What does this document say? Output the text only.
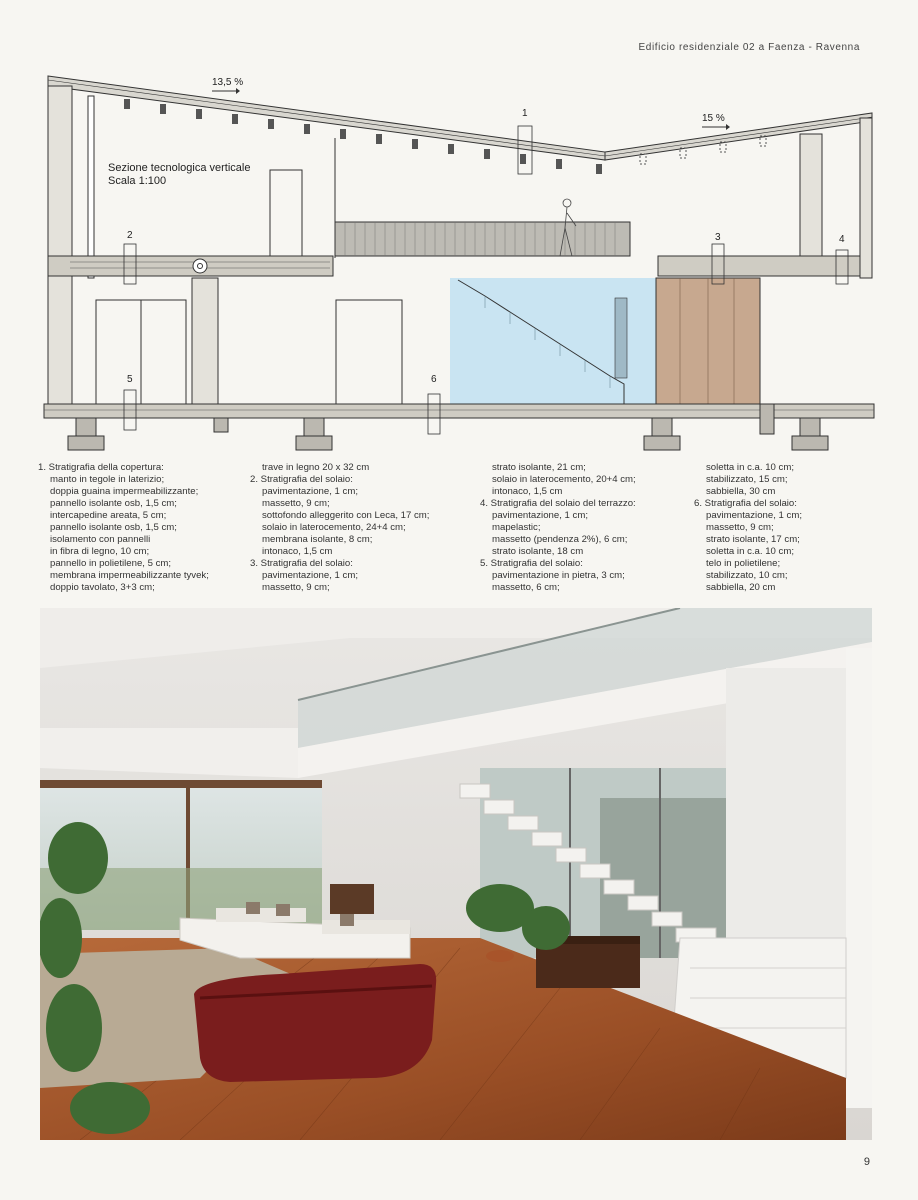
Edificio residenziale 02 a Faenza - Ravenna
Sezione tecnologica verticale
Scala 1:100
13,5 %
15 %
1
2	3	4
5	6
1. Stratigrafia della copertura:
manto in tegole in laterizio;
doppia guaina impermeabilizzante;
pannello isolante osb, 1,5 cm;
intercapedine areata, 5 cm;
pannello isolante osb, 1,5 cm;
isolamento con pannelli
in fibra di legno, 10 cm;
pannello in polietilene, 5 cm;
membrana impermeabilizzante tyvek;
doppio tavolato, 3+3 cm;
trave in legno 20 x 32 cm
2. Stratigrafia del solaio:
pavimentazione, 1 cm;
massetto, 9 cm;
sottofondo alleggerito con Leca, 17 cm;
solaio in laterocemento, 24+4 cm;
membrana isolante, 8 cm;
intonaco, 1,5 cm
3. Stratigrafia del solaio:
pavimentazione, 1 cm;
massetto, 9 cm;
strato isolante, 21 cm;
solaio in laterocemento, 20+4 cm;
intonaco, 1,5 cm
4. Stratigrafia del solaio del terrazzo:
pavimentazione, 1 cm;
mapelastic;
massetto (pendenza 2%), 6 cm;
strato isolante, 18 cm
5. Stratigrafia del solaio:
pavimentazione in pietra, 3 cm;
massetto, 6 cm;
soletta in c.a. 10 cm;
stabilizzato, 15 cm;
sabbiella, 30 cm
6. Stratigrafia del solaio:
pavimentazione, 1 cm;
massetto, 9 cm;
strato isolante, 17 cm;
soletta in c.a. 10 cm;
telo in polietilene;
stabilizzato, 10 cm;
sabbiella, 20 cm
9
